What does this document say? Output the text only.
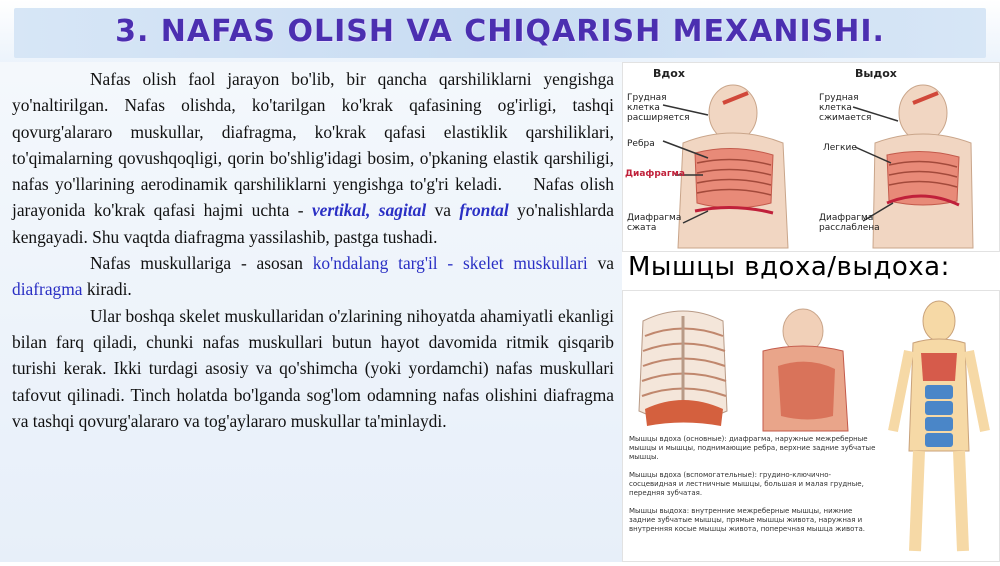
3. NAFAS OLISH VA CHIQARISH MEXANISHI.

Nafas olish faol jarayon bo'lib, bir qancha qarshiliklarni yengishga yo'naltirilgan. Nafas olishda, ko'tarilgan ko'krak qafasining og'irligi, tashqi qovurg'alararo muskullar, diafragma, ko'krak qafasi elastiklik qarshiliklari, to'qimalarning qovushqoqligi, qorin bo'shlig'idagi bosim, o'pkaning elastik qarshiligi, nafas yo'llarining aerodinamik qarshiliklarni yengishga to'g'ri keladi. Nafas olish jarayonida ko'krak qafasi hajmi uchta - vertikal, sagital va frontal yo'nalishlarda kengayadi. Shu vaqtda diafragma yassilashib, pastga tushadi.

Nafas muskullariga - asosan ko'ndalang targ'il - skelet muskullari va diafragma kiradi.

Ular boshqa skelet muskullaridan o'zlarining nihoyatda ahamiyatli ekanligi bilan farq qiladi, chunki nafas muskullari butun hayot davomida ritmik qisqarib turishi kerak. Ikki turdagi asosiy va qo'shimcha (yoki yordamchi) nafas muskullari tafovut qilinadi. Tinch holatda bo'lganda sog'lom odamning nafas olishini diafragma va tashqi qovurg'alararo va tog'aylararo muskullar ta'minlaydi.

Вдох	Выдох
Грудная клетка расширяется
Ребра
Диафрагма
Диафрагма сжата
Грудная клетка сжимается
Легкие
Диафрагма расслаблена
Мышцы вдоха/выдоха:
Мышцы вдоха (основные): диафрагма, наружные межреберные мышцы и мышцы, поднимающие ребра, верхние задние зубчатые мышцы.
Мышцы вдоха (вспомогательные): грудино-ключично-сосцевидная и лестничные мышцы, большая и малая грудные, передняя зубчатая.
Мышцы выдоха: внутренние межреберные мышцы, нижние задние зубчатые мышцы, прямые мышцы живота, наружная и внутренняя косые мышцы живота, поперечная мышца живота.
